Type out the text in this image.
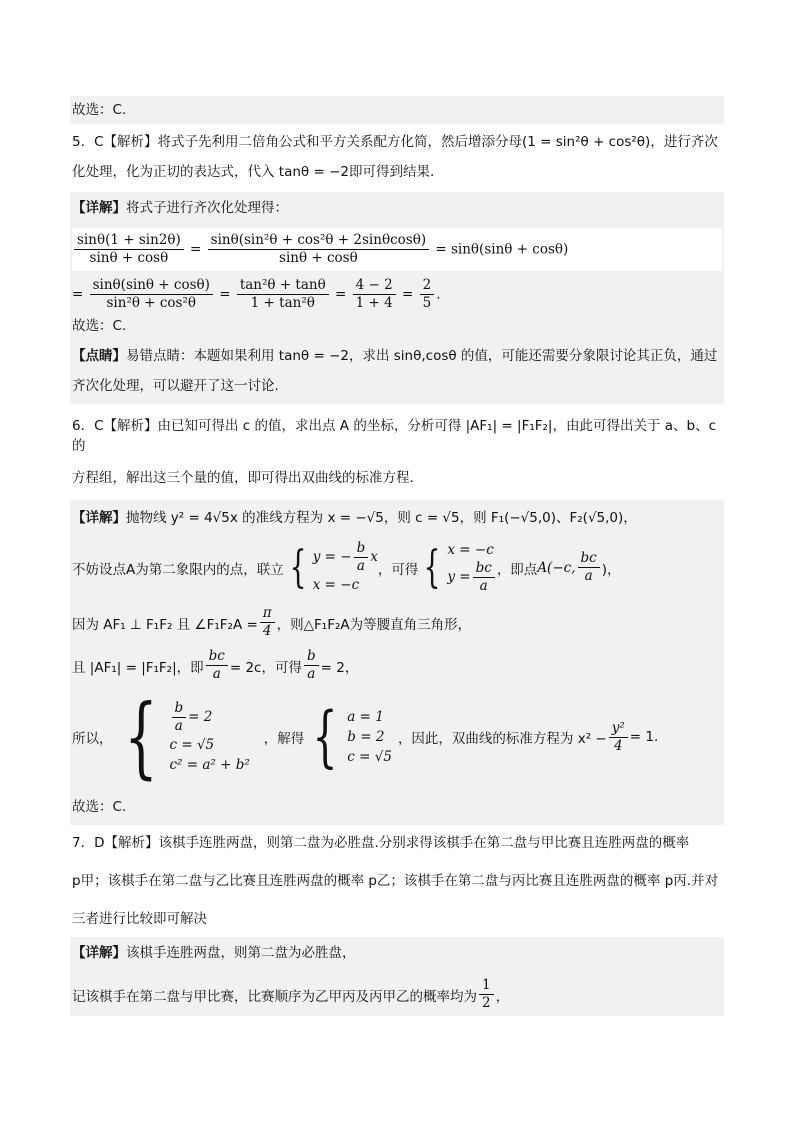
故选：C.
5．C【解析】将式子先利用二倍角公式和平方关系配方化简，然后增添分母(1 = sin²θ + cos²θ)，进行齐次
化处理，化为正切的表达式，代入 tanθ = −2即可得到结果．
【详解】将式子进行齐次化处理得：
$\frac{\sin\theta(1 + \sin 2\theta)}{\sin\theta + \cos\theta} = \frac{\text{sinθ(sin²θ + cos²θ + 2sinθcosθ)}}{\sin\theta + \cos\theta} = \sin\theta(\sin\theta + \cos\theta)$
= $\frac{\sin\theta(\sin\theta + \cos\theta)}{\text{sin²θ + cos²θ}} = \frac{\text{tan²θ + tanθ}}{\text{1 + tan²θ}} = \frac{4 - 2}{1 + 4} = \frac{2}{5}$ .
故选：C.
【点睛】易错点睛：本题如果利用 tanθ = −2，求出 sinθ,cosθ 的值，可能还需要分象限讨论其正负，通过
齐次化处理，可以避开了这一讨论.
6．C【解析】由已知可得出 c 的值，求出点 A 的坐标，分析可得 |AF₁| = |F₁F₂|，由此可得出关于 a、b、c 的
方程组，解出这三个量的值，即可得出双曲线的标准方程.
【详解】抛物线 y² = 4√5x 的准线方程为 x = −√5，则 c = √5，则 F₁(−√5,0)、F₂(√5,0)，
不妨设点A为第二象限内的点，联立 { y = − $\frac{b}{a}$ x
x = −c
，可得 { x = −c
$y = \frac{bc}{a}$ ，即点 A(−c, $\frac{bc}{a}$ )，
因为 AF₁ ⊥ F₁F₂ 且 ∠F₁F₂A = $\frac{\pi}{4}$ ，则△F₁F₂A为等腰直角三角形，
且 |AF₁| = |F₁F₂|，即 $\frac{bc}{a} = 2c$，可得 $\frac{b}{a} = 2$，
所以， { $\frac{b}{a} = 2$
c = √5
c² = a² + b²
，解得 { a = 1
b = 2
c = √5
，因此，双曲线的标准方程为 $x^2 - \frac{\text{y²}}{4} = 1$.
故选：C.
7．D【解析】该棋手连胜两盘，则第二盘为必胜盘.分别求得该棋手在第二盘与甲比赛且连胜两盘的概率
p甲；该棋手在第二盘与乙比赛且连胜两盘的概率 p乙；该棋手在第二盘与丙比赛且连胜两盘的概率 p丙.并对
三者进行比较即可解决
【详解】该棋手连胜两盘，则第二盘为必胜盘，
记该棋手在第二盘与甲比赛，比赛顺序为乙甲丙及丙甲乙的概率均为 $\frac{1}{2}$ ，
